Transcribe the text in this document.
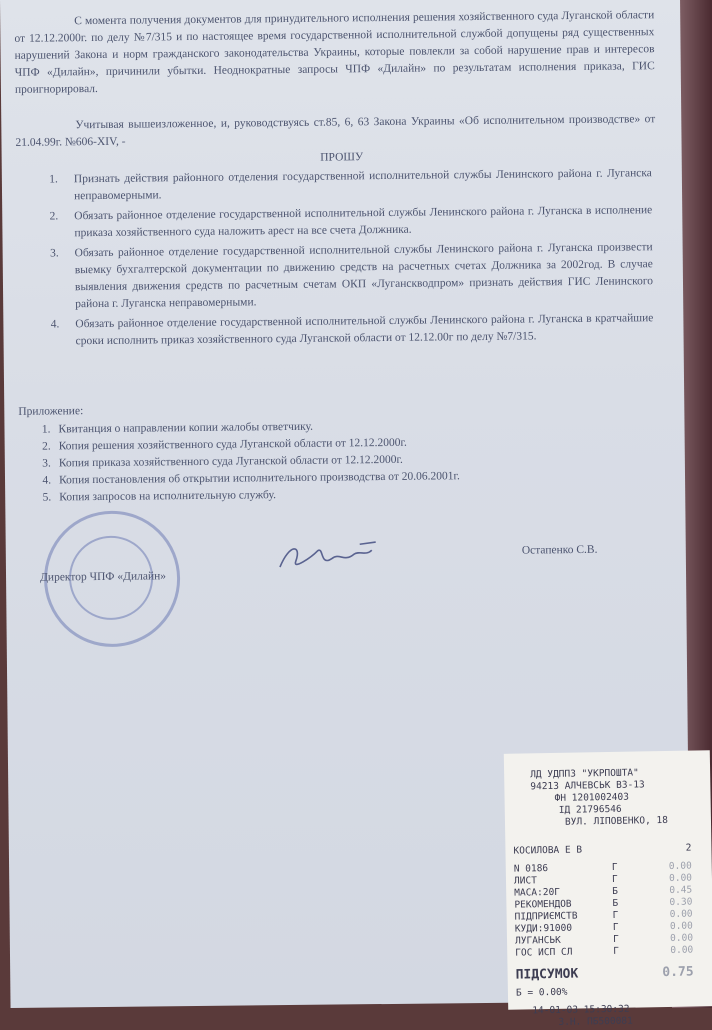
С момента получения документов для принудительного исполнения решения хозяйственного суда Луганской области от 12.12.2000г. по делу №7/315 и по настоящее время государственной исполнительной службой допущены ряд существенных нарушений Закона и норм гражданского законодательства Украины, которые повлекли за собой нарушение прав и интересов ЧПФ «Дилайн», причинили убытки. Неоднократные запросы ЧПФ «Дилайн» по результатам исполнения приказа, ГИС проигнорировал.
Учитывая вышеизложенное, и, руководствуясь ст.85, 6, 63 Закона Украины «Об исполнительном производстве» от 21.04.99г. №606-XIV, -
ПРОШУ
1. Признать действия районного отделения государственной исполнительной службы Ленинского района г. Луганска неправомерными.
2. Обязать районное отделение государственной исполнительной службы Ленинского района г. Луганска в исполнение приказа хозяйственного суда наложить арест на все счета Должника.
3. Обязать районное отделение государственной исполнительной службы Ленинского района г. Луганска произвести выемку бухгалтерской документации по движению средств на расчетных счетах Должника за 2002год. В случае выявления движения средств по расчетным счетам ОКП «Луганскводпром» признать действия ГИС Ленинского района г. Луганска неправомерными.
4. Обязать районное отделение государственной исполнительной службы Ленинского района г. Луганска в кратчайшие сроки исполнить приказ хозяйственного суда Луганской области от 12.12.00г по делу №7/315.
Приложение:
1. Квитанция о направлении копии жалобы ответчику.
2. Копия решения хозяйственного суда Луганской области от 12.12.2000г.
3. Копия приказа хозяйственного суда Луганской области от 12.12.2000г.
4. Копия постановления об открытии исполнительного производства от 20.06.2001г.
5. Копия запросов на исполнительную службу.
Директор ЧПФ «Дилайн»
Остапенко С.В.
ЛД УДППЗ "УКРПОШТА"
94213 АЛЧЕВСЬК ВЗ-13
ФН 1201002403
ІД 21796546
ВУЛ. ЛІПОВЕНКО, 18
КОСИЛОВА Е В	2
N 0186	Г	0.00
ЛИСТ	Г	0.00
МАСА:20Г	Б	0.45
РЕКОМЕНДОВ	Б	0.30
ПІДПРИЄМСТВ	Г	0.00
КУДИ:91000	Г	0.00
ЛУГАНСЬК	Г	0.00
ГОС ИСП СЛ	Г	0.00
ПІДСУМОК	0.75
Б = 0.00%
14-01-03 15:30:32
З.Н. ПБ500081
